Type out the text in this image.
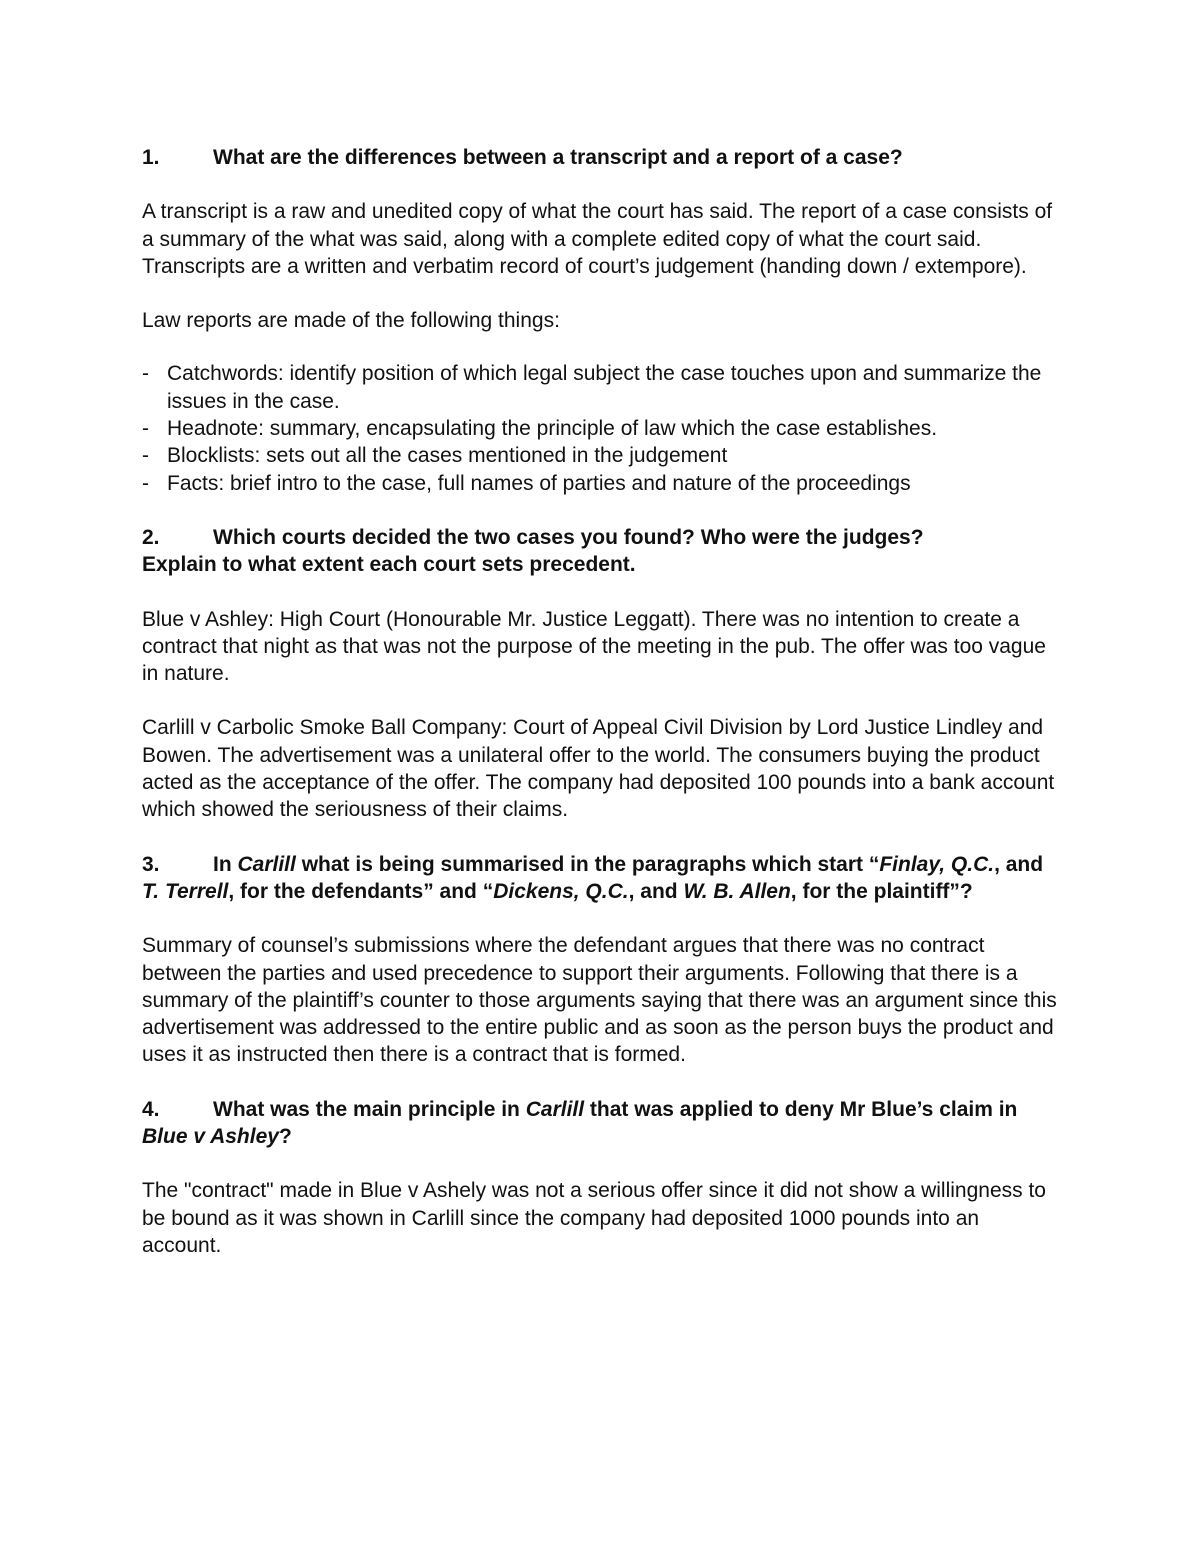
1.	What are the differences between a transcript and a report of a case?

A transcript is a raw and unedited copy of what the court has said. The report of a case consists of a summary of the what was said, along with a complete edited copy of what the court said. Transcripts are a written and verbatim record of court’s judgement (handing down / extempore).

Law reports are made of the following things:

- Catchwords: identify position of which legal subject the case touches upon and summarize the issues in the case.
- Headnote: summary, encapsulating the principle of law which the case establishes.
- Blocklists: sets out all the cases mentioned in the judgement
- Facts: brief intro to the case, full names of parties and nature of the proceedings
2.	Which courts decided the two cases you found? Who were the judges?
Explain to what extent each court sets precedent.

Blue v Ashley: High Court (Honourable Mr. Justice Leggatt). There was no intention to create a contract that night as that was not the purpose of the meeting in the pub. The offer was too vague in nature.

Carlill v Carbolic Smoke Ball Company: Court of Appeal Civil Division by Lord Justice Lindley and Bowen. The advertisement was a unilateral offer to the world. The consumers buying the product acted as the acceptance of the offer. The company had deposited 100 pounds into a bank account which showed the seriousness of their claims.

3.	In Carlill what is being summarised in the paragraphs which start “Finlay, Q.C., and T. Terrell, for the defendants” and “Dickens, Q.C., and W. B. Allen, for the plaintiff”?

Summary of counsel’s submissions where the defendant argues that there was no contract between the parties and used precedence to support their arguments. Following that there is a summary of the plaintiff’s counter to those arguments saying that there was an argument since this advertisement was addressed to the entire public and as soon as the person buys the product and uses it as instructed then there is a contract that is formed.

4.	What was the main principle in Carlill that was applied to deny Mr Blue’s claim in Blue v Ashley?

The "contract" made in Blue v Ashely was not a serious offer since it did not show a willingness to be bound as it was shown in Carlill since the company had deposited 1000 pounds into an account.
